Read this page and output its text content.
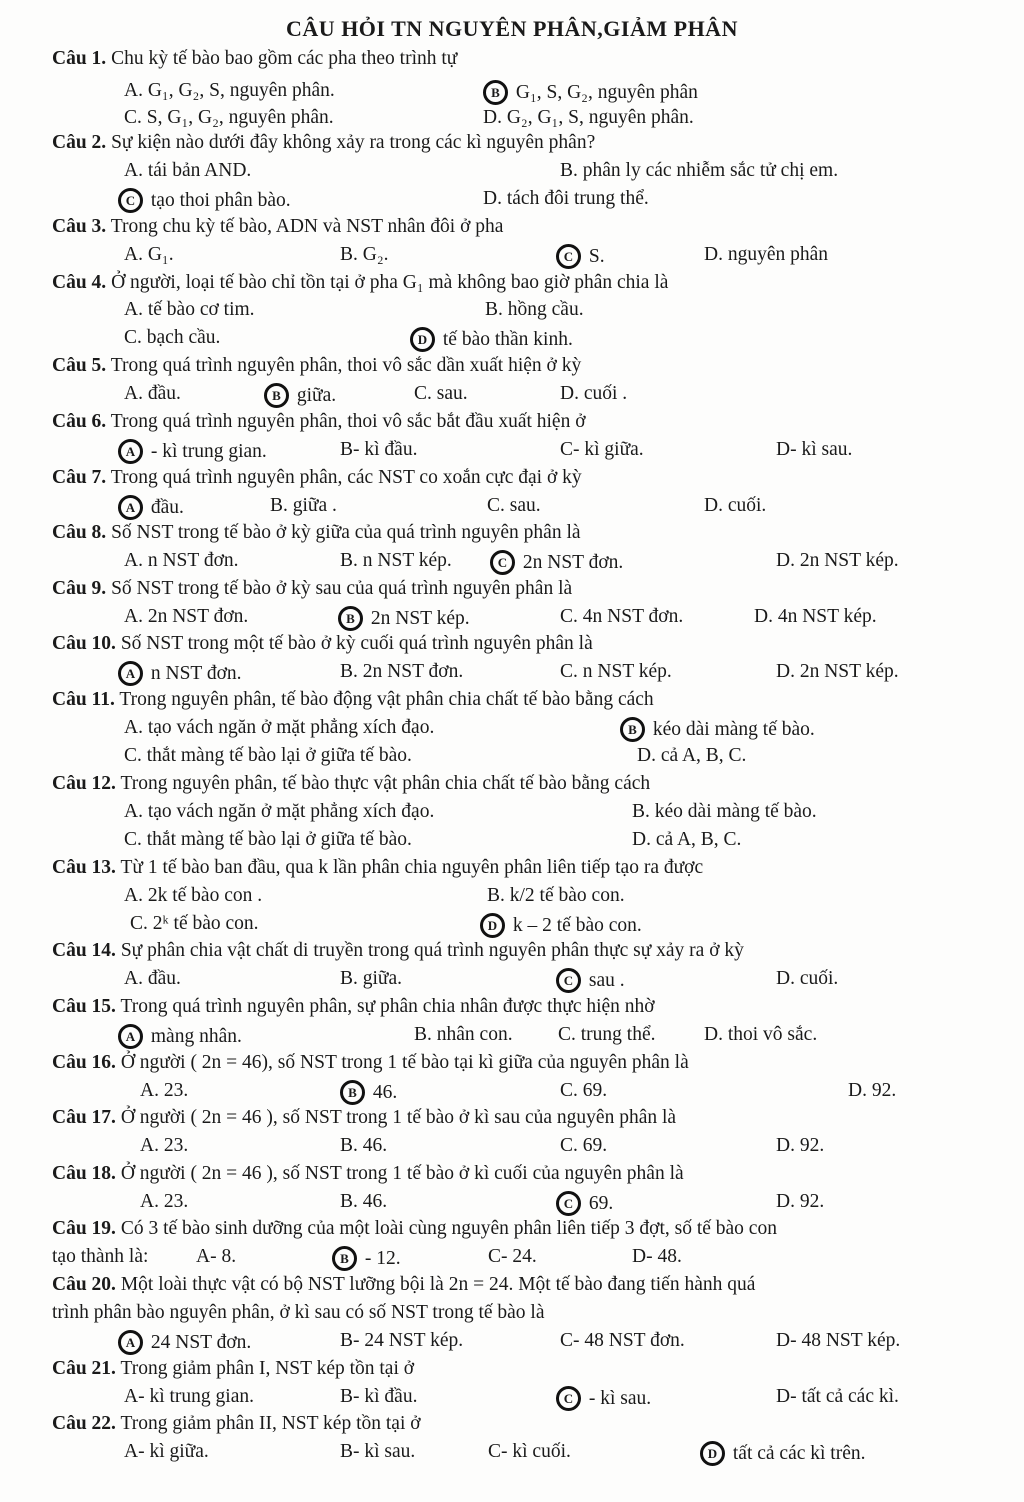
CÂU HỎI TN NGUYÊN PHÂN,GIẢM PHÂN
Câu 1. Chu kỳ tế bào bao gồm các pha theo trình tự
A. G₁, G₂, S, nguyên phân.	B G₁, S, G₂, nguyên phân
C. S, G₁, G₂, nguyên phân.	D. G₂, G₁, S, nguyên phân.
Câu 2. Sự kiện nào dưới đây không xảy ra trong các kì nguyên phân?
A. tái bản AND.	B. phân ly các nhiễm sắc tử chị em.
C tạo thoi phân bào.	D. tách đôi trung thể.
Câu 3. Trong chu kỳ tế bào, ADN và NST nhân đôi ở pha
A. G₁.	B. G₂.	C S.	D. nguyên phân
Câu 4. Ở người, loại tế bào chỉ tồn tại ở pha G₁ mà không bao giờ phân chia là
A. tế bào cơ tim.	B. hồng cầu.
C. bạch cầu.	D tế bào thần kinh.
Câu 5. Trong quá trình nguyên phân, thoi vô sắc dần xuất hiện ở kỳ
A. đầu.	B giữa.	C. sau.	D. cuối .
Câu 6. Trong quá trình nguyên phân, thoi vô sắc bắt đầu xuất hiện ở
A - kì trung gian.	B- kì đầu.	C- kì giữa.	D- kì sau.
Câu 7. Trong quá trình nguyên phân, các NST co xoắn cực đại ở kỳ
A đầu.	B. giữa .	C. sau.	D. cuối.
Câu 8. Số NST trong tế bào ở kỳ giữa của quá trình nguyên phân là
A. n NST đơn.	B. n NST kép.	C 2n NST đơn.	D. 2n NST kép.
Câu 9. Số NST trong tế bào ở kỳ sau của quá trình nguyên phân là
A. 2n NST đơn.	B 2n NST kép.	C. 4n NST đơn.	D. 4n NST kép.
Câu 10. Số NST trong một tế bào ở kỳ cuối quá trình nguyên phân là
A n NST đơn.	B. 2n NST đơn.	C. n NST kép.	D. 2n NST kép.
Câu 11. Trong nguyên phân, tế bào động vật phân chia chất tế bào bằng cách
A. tạo vách ngăn ở mặt phẳng xích đạo.	B kéo dài màng tế bào.
C. thắt màng tế bào lại ở giữa tế bào.	D. cả A, B, C.
Câu 12. Trong nguyên phân, tế bào thực vật phân chia chất tế bào bằng cách
A. tạo vách ngăn ở mặt phẳng xích đạo.	B. kéo dài màng tế bào.
C. thắt màng tế bào lại ở giữa tế bào.	D. cả A, B, C.
Câu 13. Từ 1 tế bào ban đầu, qua k lần phân chia nguyên phân liên tiếp tạo ra được
A. 2k tế bào con .	B. k/2 tế bào con.
C. 2ᵏ tế bào con.	D k – 2 tế bào con.
Câu 14. Sự phân chia vật chất di truyền trong quá trình nguyên phân thực sự xảy ra ở kỳ
A. đầu.	B. giữa.	C sau .	D. cuối.
Câu 15. Trong quá trình nguyên phân, sự phân chia nhân được thực hiện nhờ
A màng nhân.	B. nhân con. C. trung thể. D. thoi vô sắc.
Câu 16. Ở người ( 2n = 46), số NST trong 1 tế bào tại kì giữa của nguyên phân là
A. 23.	B 46.	C. 69.	D. 92.
Câu 17. Ở người ( 2n = 46 ), số NST trong 1 tế bào ở kì sau của nguyên phân là
A. 23.	B. 46.	C. 69.	D. 92.
Câu 18. Ở người ( 2n = 46 ), số NST trong 1 tế bào ở kì cuối của nguyên phân là
A. 23.	B. 46.	C 69.	D. 92.
Câu 19. Có 3 tế bào sinh dưỡng của một loài cùng nguyên phân liên tiếp 3 đợt, số tế bào con
tạo thành là: A- 8.	B - 12.	C- 24.	D- 48.
Câu 20. Một loài thực vật có bộ NST lưỡng bội là 2n = 24. Một tế bào đang tiến hành quá
trình phân bào nguyên phân, ở kì sau có số NST trong tế bào là
A 24 NST đơn.	B- 24 NST kép.	C- 48 NST đơn.	D- 48 NST kép.
Câu 21. Trong giảm phân I, NST kép tồn tại ở
A- kì trung gian.	B- kì đầu.	C - kì sau.	D- tất cả các kì.
Câu 22. Trong giảm phân II, NST kép tồn tại ở
A- kì giữa.	B- kì sau.	C- kì cuối.	D tất cả các kì trên.
